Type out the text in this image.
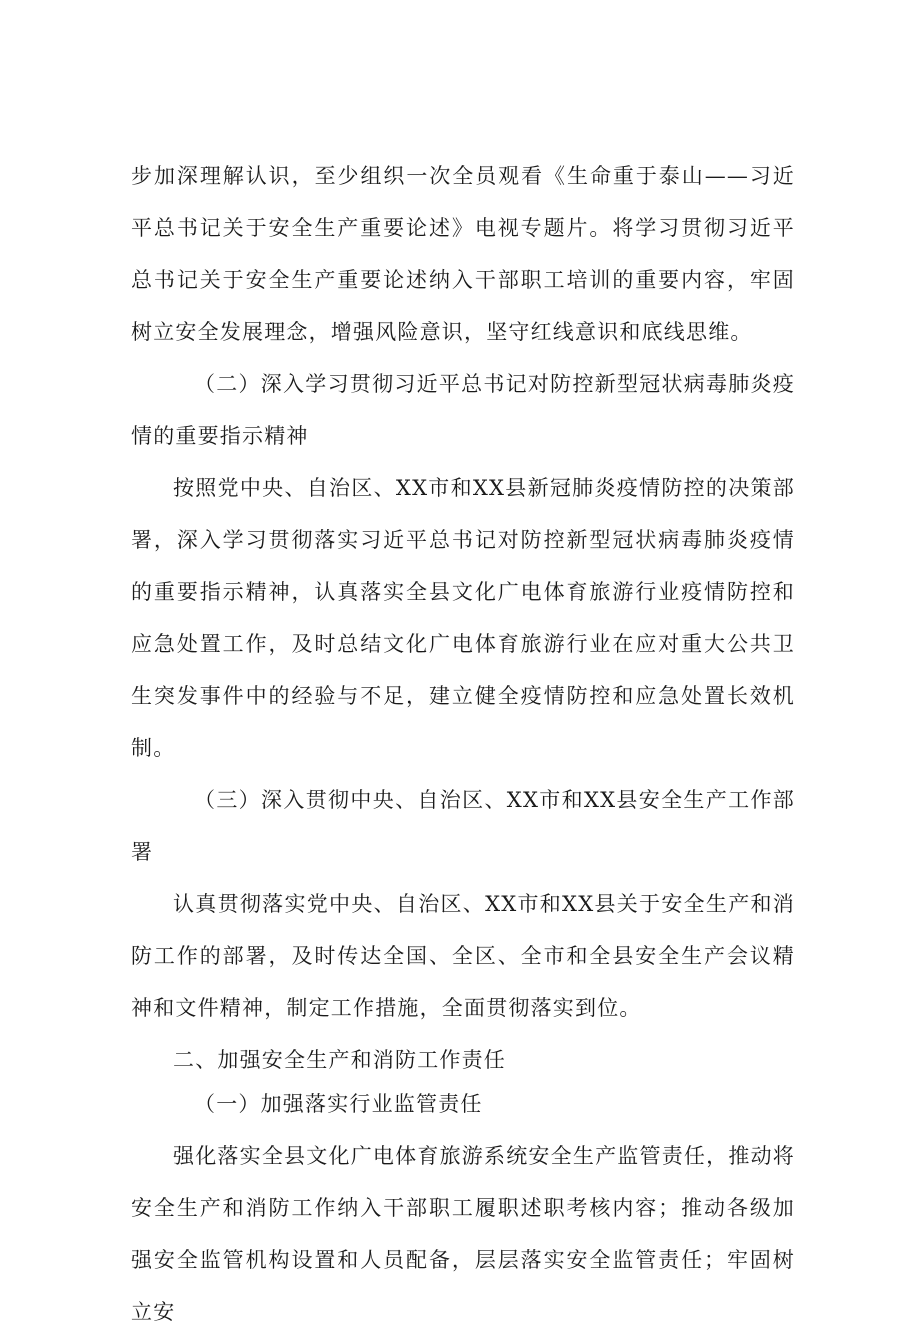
步加深理解认识，至少组织一次全员观看《生命重于泰山——习近平总书记关于安全生产重要论述》电视专题片。将学习贯彻习近平总书记关于安全生产重要论述纳入干部职工培训的重要内容，牢固树立安全发展理念，增强风险意识，坚守红线意识和底线思维。

（二）深入学习贯彻习近平总书记对防控新型冠状病毒肺炎疫情的重要指示精神

按照党中央、自治区、XX市和XX县新冠肺炎疫情防控的决策部署，深入学习贯彻落实习近平总书记对防控新型冠状病毒肺炎疫情的重要指示精神，认真落实全县文化广电体育旅游行业疫情防控和应急处置工作，及时总结文化广电体育旅游行业在应对重大公共卫生突发事件中的经验与不足，建立健全疫情防控和应急处置长效机制。

（三）深入贯彻中央、自治区、XX市和XX县安全生产工作部署

认真贯彻落实党中央、自治区、XX市和XX县关于安全生产和消防工作的部署，及时传达全国、全区、全市和全县安全生产会议精神和文件精神，制定工作措施，全面贯彻落实到位。

二、加强安全生产和消防工作责任

（一）加强落实行业监管责任

强化落实全县文化广电体育旅游系统安全生产监管责任，推动将安全生产和消防工作纳入干部职工履职述职考核内容；推动各级加强安全监管机构设置和人员配备，层层落实安全监管责任；牢固树立安
